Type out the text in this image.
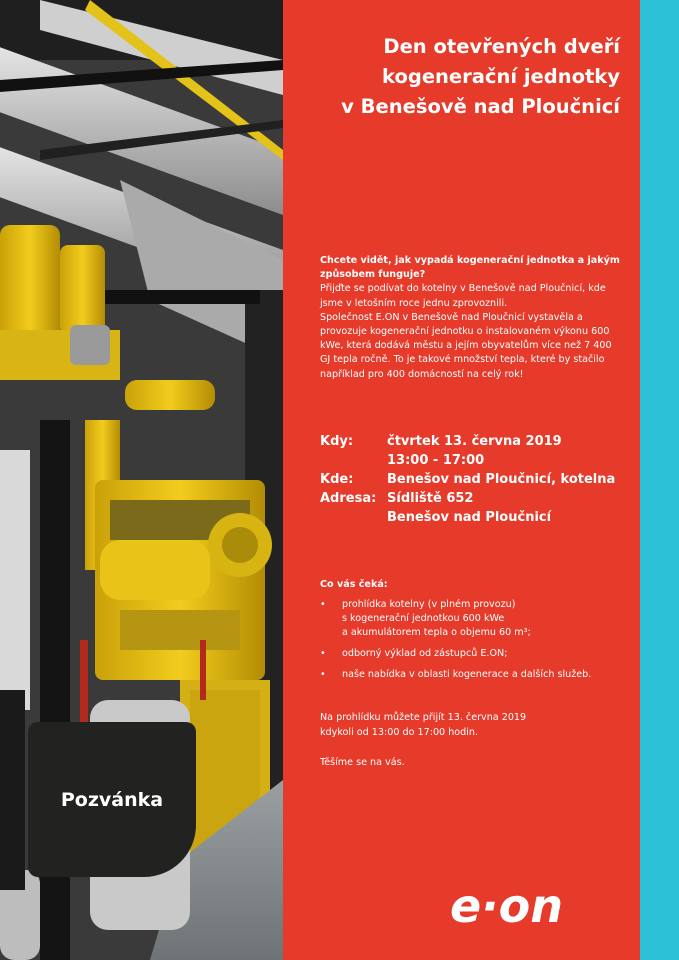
Den otevřených dveří
kogenerační jednotky
v Benešově nad Ploučnicí

Chcete vidět, jak vypadá kogenerační jednotka a jakým způsobem funguje?

Přijďte se podívat do kotelny v Benešově nad Ploučnicí, kde jsme v letošním roce jednu zprovoznili.

Společnost E.ON v Benešově nad Ploučnicí vystavěla a provozuje kogenerační jednotku o instalovaném výkonu 600 kWe, která dodává městu a jejím obyvatelům více než 7 400 GJ tepla ročně. To je takové množství tepla, které by stačilo například pro 400 domácností na celý rok!

Kdy:	čtvrtek 13. června 2019
13:00 - 17:00
Kde:	Benešov nad Ploučnicí, kotelna
Adresa: Sídliště 652
Benešov nad Ploučnicí
Co vás čeká:
• prohlídka kotelny (v plném provozu)
s kogenerační jednotkou 600 kWe
a akumulátorem tepla o objemu 60 m³;
• odborný výklad od zástupců E.ON;
• naše nabídka v oblasti kogenerace a dalších služeb.

Na prohlídku můžete přijít 13. června 2019
kdykoli od 13:00 do 17:00 hodin.

Těšíme se na vás.

Pozvánka
e·on
